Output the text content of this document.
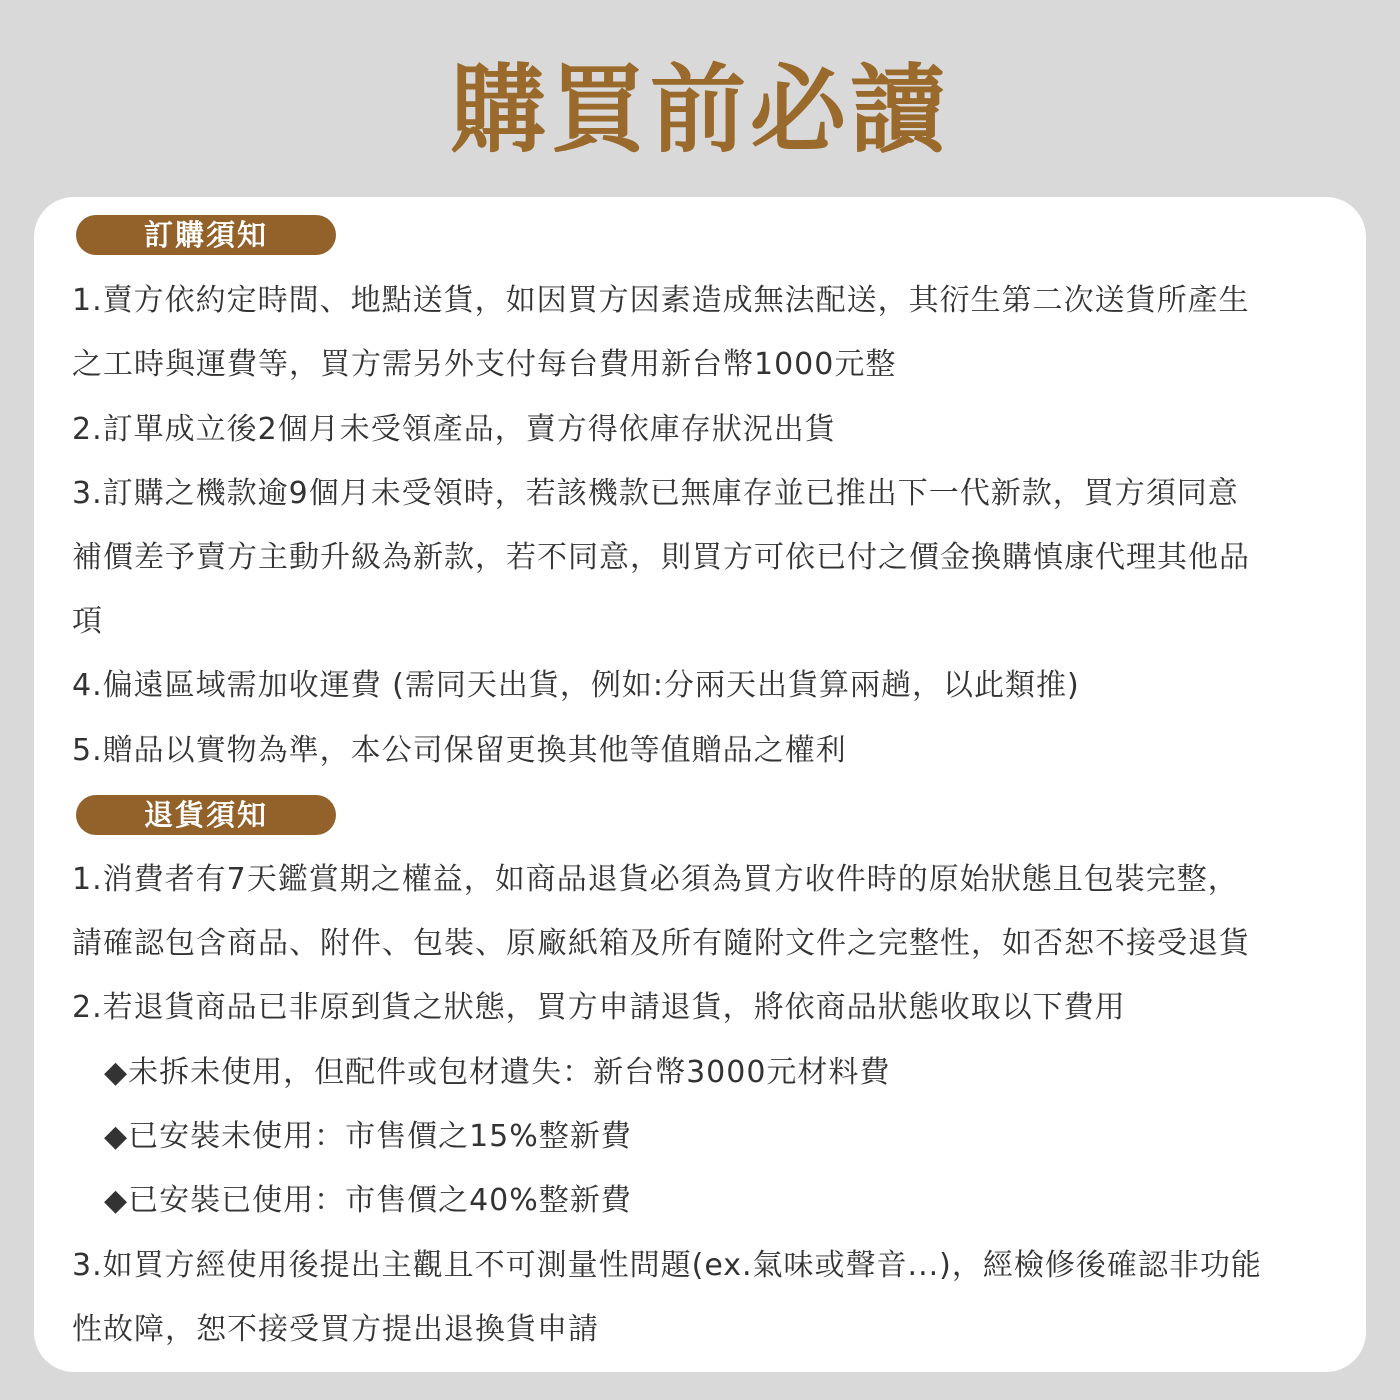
購買前必讀
訂購須知
1.賣方依約定時間、地點送貨，如因買方因素造成無法配送，其衍生第二次送貨所產生
之工時與運費等，買方需另外支付每台費用新台幣1000元整
2.訂單成立後2個月未受領產品，賣方得依庫存狀況出貨
3.訂購之機款逾9個月未受領時，若該機款已無庫存並已推出下一代新款，買方須同意
補價差予賣方主動升級為新款，若不同意，則買方可依已付之價金換購慎康代理其他品
項
4.偏遠區域需加收運費 (需同天出貨，例如:分兩天出貨算兩趟，以此類推)
5.贈品以實物為準，本公司保留更換其他等值贈品之權利
退貨須知
1.消費者有7天鑑賞期之權益，如商品退貨必須為買方收件時的原始狀態且包裝完整，
請確認包含商品、附件、包裝、原廠紙箱及所有隨附文件之完整性，如否恕不接受退貨
2.若退貨商品已非原到貨之狀態，買方申請退貨，將依商品狀態收取以下費用
◆未拆未使用，但配件或包材遺失：新台幣3000元材料費
◆已安裝未使用：市售價之15%整新費
◆已安裝已使用：市售價之40%整新費
3.如買方經使用後提出主觀且不可測量性問題(ex.氣味或聲音...)，經檢修後確認非功能
性故障，恕不接受買方提出退換貨申請
